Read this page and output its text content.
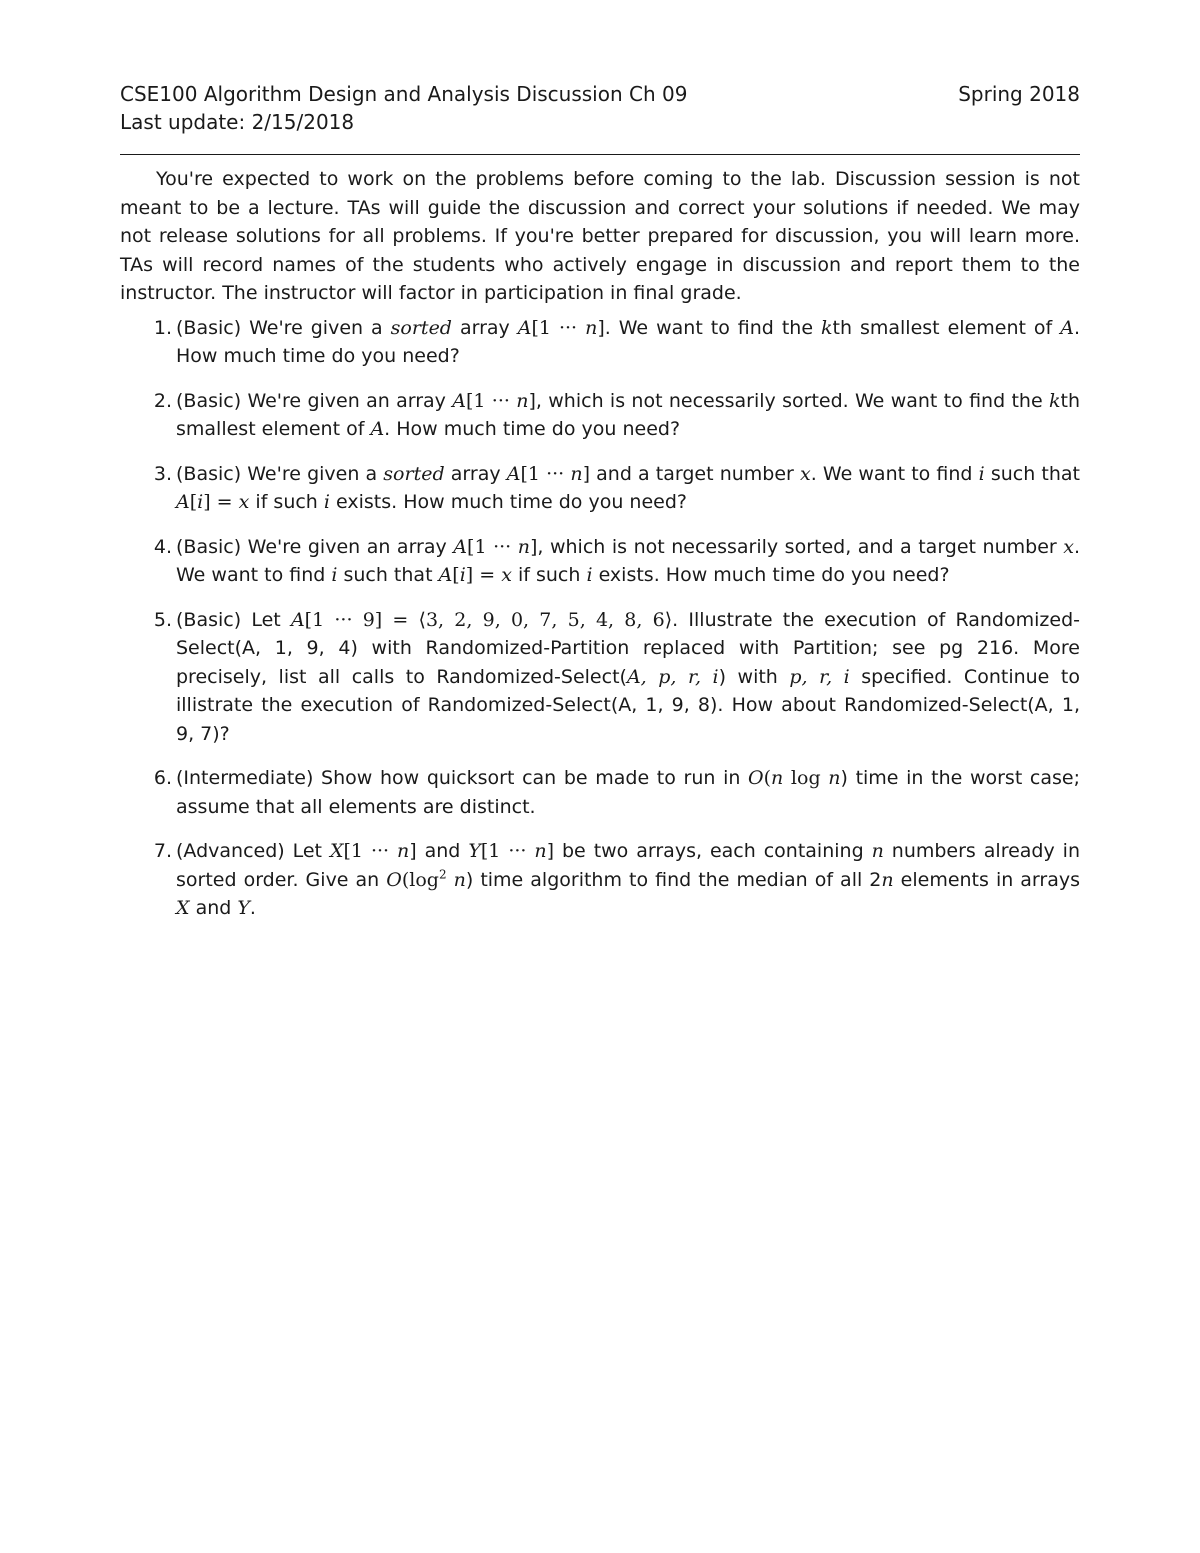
CSE100 Algorithm Design and Analysis Discussion Ch 09	Spring 2018
Last update: 2/15/2018

You're expected to work on the problems before coming to the lab. Discussion session is not meant to be a lecture. TAs will guide the discussion and correct your solutions if needed. We may not release solutions for all problems. If you're better prepared for discussion, you will learn more. TAs will record names of the students who actively engage in discussion and report them to the instructor. The instructor will factor in participation in final grade.

1. (Basic) We're given a sorted array A[1 ··· n]. We want to find the kth smallest element of A. How much time do you need?
2. (Basic) We're given an array A[1 ··· n], which is not necessarily sorted. We want to find the kth smallest element of A. How much time do you need?
3. (Basic) We're given a sorted array A[1 ··· n] and a target number x. We want to find i such that A[i] = x if such i exists. How much time do you need?
4. (Basic) We're given an array A[1 ··· n], which is not necessarily sorted, and a target number x. We want to find i such that A[i] = x if such i exists. How much time do you need?
5. (Basic) Let A[1 ··· 9] = ⟨3, 2, 9, 0, 7, 5, 4, 8, 6⟩. Illustrate the execution of Randomized-Select(A, 1, 9, 4) with Randomized-Partition replaced with Partition; see pg 216. More precisely, list all calls to Randomized-Select(A, p, r, i) with p, r, i specified. Continue to illistrate the execution of Randomized-Select(A, 1, 9, 8). How about Randomized-Select(A, 1, 9, 7)?
6. (Intermediate) Show how quicksort can be made to run in O(n log n) time in the worst case; assume that all elements are distinct.
7. (Advanced) Let X[1 ··· n] and Y[1 ··· n] be two arrays, each containing n numbers already in sorted order. Give an $O(\log^2$ n) time algorithm to find the median of all 2n elements in arrays X and Y.
